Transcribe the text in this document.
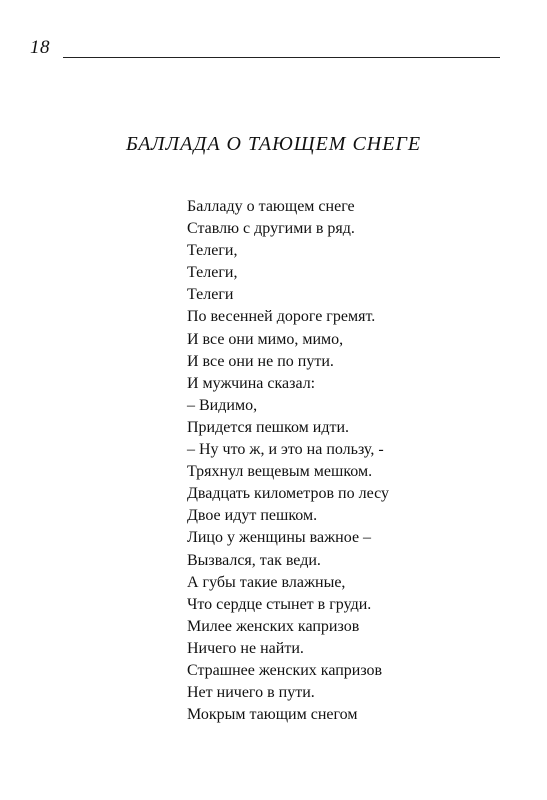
18
БАЛЛАДА О ТАЮЩЕМ СНЕГЕ
Балладу о тающем снеге
Ставлю с другими в ряд.
Телеги,
Телеги,
Телеги
По весенней дороге гремят.
И все они мимо, мимо,
И все они не по пути.
И мужчина сказал:
– Видимо,
Придется пешком идти.
– Ну что ж, и это на пользу, -
Тряхнул вещевым мешком.
Двадцать километров по лесу
Двое идут пешком.
Лицо у женщины важное –
Вызвался, так веди.
А губы такие влажные,
Что сердце стынет в груди.
Милее женских капризов
Ничего не найти.
Страшнее женских капризов
Нет ничего в пути.
Мокрым тающим снегом
